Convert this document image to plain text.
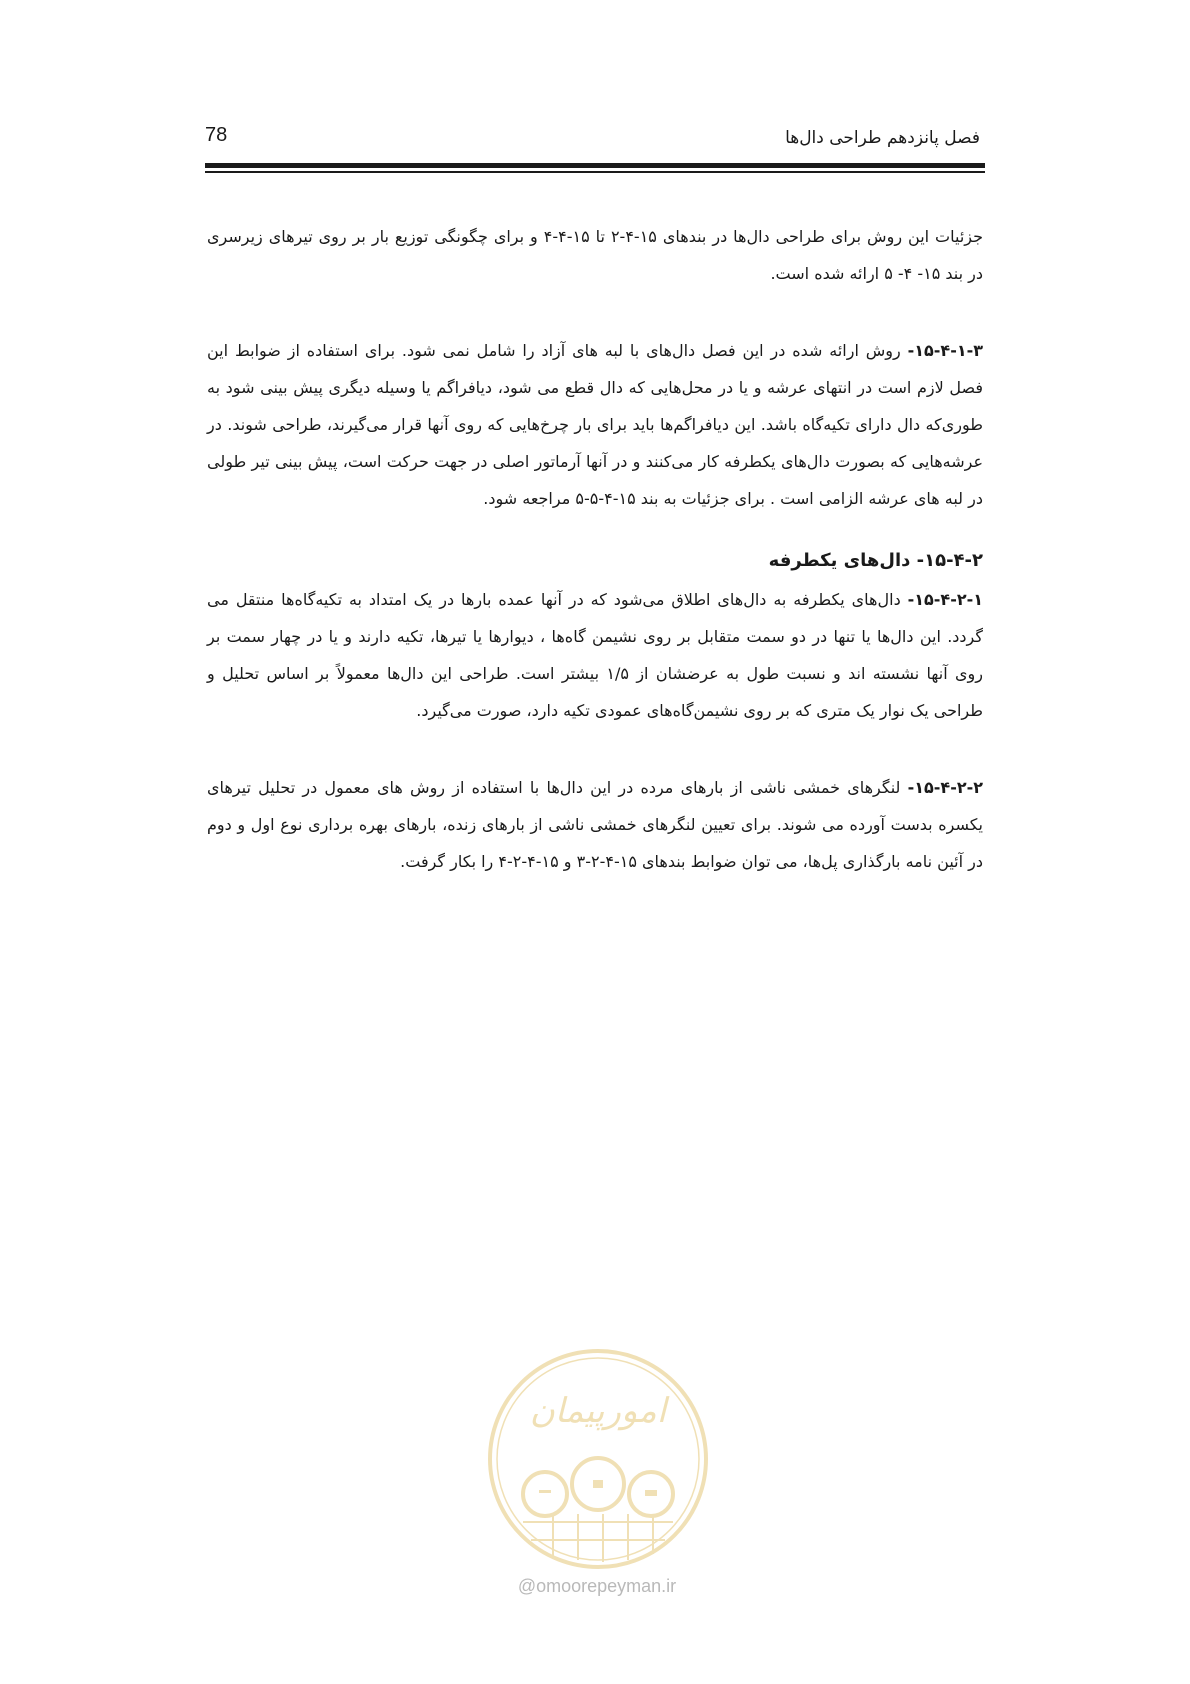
فصل پانزدهم طراحی دال‌ها
78

جزئیات این روش برای طراحی دال‌ها در بندهای ۱۵-۴-۲ تا ۱۵-۴-۴ و برای چگونگی توزیع بار بر روی تیرهای زیرسری در بند ۱۵- ۴- ۵ ارائه شده است.

۱۵-۴-۱-۳- روش ارائه شده در این فصل دال‌های با لبه های آزاد را شامل نمی شود. برای استفاده از ضوابط این فصل لازم است در انتهای عرشه و یا در محل‌هایی که دال قطع می شود، دیافراگم یا وسیله دیگری پیش بینی شود به طوری‌که دال دارای تکیه‌گاه باشد. این دیافراگم‌ها باید برای بار چرخ‌هایی که روی آنها قرار می‌گیرند، طراحی شوند. در عرشه‌هایی که بصورت دال‌های یکطرفه کار می‌کنند و در آنها آرماتور اصلی در جهت حرکت است، پیش بینی تیر طولی در لبه های عرشه الزامی است . برای جزئیات به بند ۱۵-۴-۵-۵ مراجعه شود.

۱۵-۴-۲- دال‌های یکطرفه

۱۵-۴-۲-۱- دال‌های یکطرفه به دال‌های اطلاق می‌شود که در آنها عمده بارها در یک امتداد به تکیه‌گاه‌ها منتقل می گردد. این دال‌ها یا تنها در دو سمت متقابل بر روی نشیمن گاه‌ها ، دیوارها یا تیرها، تکیه دارند و یا در چهار سمت بر روی آنها نشسته اند و نسبت طول به عرضشان از ۱/۵ بیشتر است. طراحی این دال‌ها معمولاً بر اساس تحلیل و طراحی یک نوار یک متری که بر روی نشیمن‌گاه‌های عمودی تکیه دارد، صورت می‌گیرد.

۱۵-۴-۲-۲- لنگرهای خمشی ناشی از بارهای مرده در این دال‌ها با استفاده از روش های معمول در تحلیل تیرهای یکسره بدست آورده می شوند. برای تعیین لنگرهای خمشی ناشی از بارهای زنده، بارهای بهره برداری نوع اول و دوم در آئین نامه بارگذاری پل‌ها، می توان ضوابط بندهای ۱۵-۴-۲-۳ و ۱۵-۴-۲-۴ را بکار گرفت.

امورپیمان
@omoorepeyman.ir
